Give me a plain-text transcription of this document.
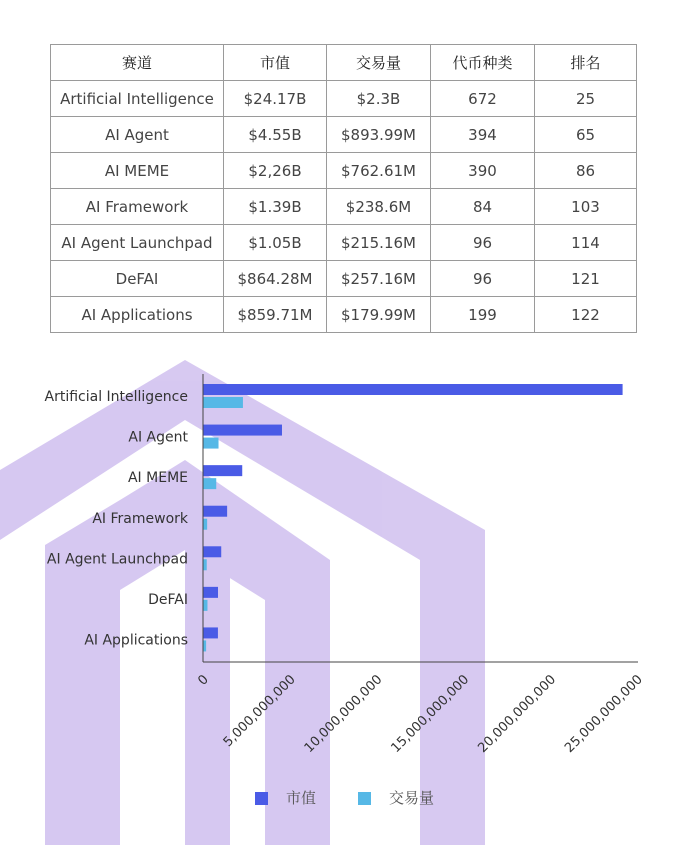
赛道	市值	交易量	代币种类	排名
Artificial Intelligence	$24.17B	$2.3B	672	25
AI Agent	$4.55B	$893.99M	394	65
AI MEME	$2,26B	$762.61M	390	86
AI Framework	$1.39B	$238.6M	84	103
AI Agent Launchpad	$1.05B	$215.16M	96	114
DeFAI	$864.28M	$257.16M	96	121
AI Applications	$859.71M	$179.99M	199	122
Artificial Intelligence
AI Agent
AI MEME
AI Framework
AI Agent Launchpad
DeFAI
AI Applications
0 5,000,000,000 10,000,000,000 15,000,000,000 20,000,000,000 25,000,000,000
市值	交易量
